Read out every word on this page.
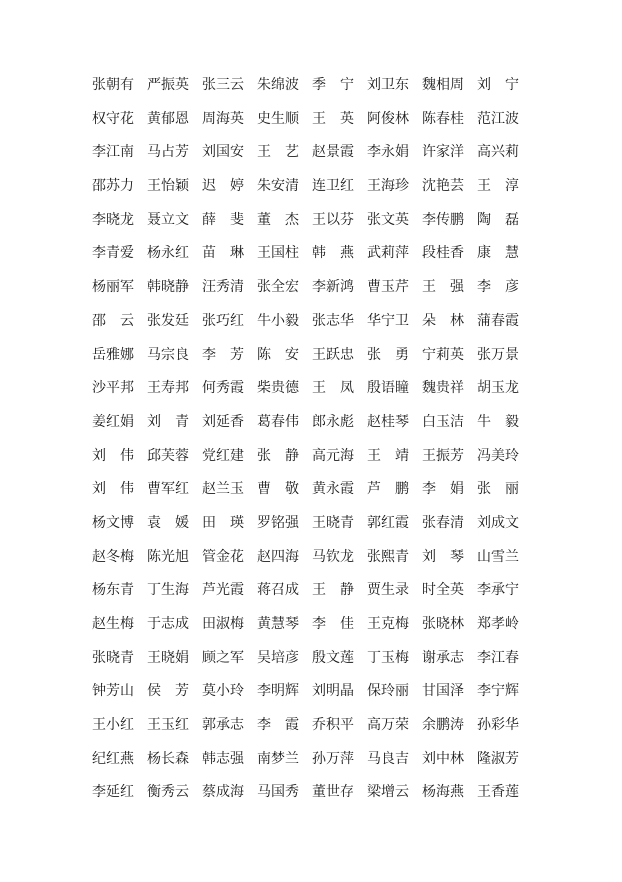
张朝有 严振英 张三云 朱绵波 季　宁 刘卫东 魏相周 刘　宁
权守花 黄郁恩 周海英 史生顺 王　英 阿俊林 陈春桂 范江波
李江南 马占芳 刘国安 王　艺 赵景霞 李永娟 许家洋 高兴莉
邵苏力 王怡颖 迟　婷 朱安清 连卫红 王海珍 沈艳芸 王　淳
李晓龙 聂立文 薛　斐 董　杰 王以芬 张文英 李传鹏 陶　磊
李青爱 杨永红 苗　琳 王国柱 韩　燕 武莉萍 段桂香 康　慧
杨丽军 韩晓静 汪秀清 张全宏 李新鸿 曹玉芹 王　强 李　彦
邵　云 张发廷 张巧红 牛小毅 张志华 华宁卫 朵　林 蒲春霞
岳雅娜 马宗良 李　芳 陈　安 王跃忠 张　勇 宁莉英 张万景
沙平邦 王寿邦 何秀霞 柴贵德 王　凤 殷语瞳 魏贵祥 胡玉龙
姜红娟 刘　青 刘延香 葛春伟 郎永彪 赵桂琴 白玉洁 牛　毅
刘　伟 邱芙蓉 党红建 张　静 高元海 王　靖 王振芳 冯美玲
刘　伟 曹军红 赵兰玉 曹　敬 黄永霞 芦　鹏 李　娟 张　丽
杨文博 袁　媛 田　瑛 罗铭强 王晓青 郭红霞 张春清 刘成文
赵冬梅 陈光旭 管金花 赵四海 马钦龙 张熙青 刘　琴 山雪兰
杨东青 丁生海 芦光霞 蒋召成 王　静 贾生录 时全英 李承宁
赵生梅 于志成 田淑梅 黄慧琴 李　佳 王克梅 张晓林 郑孝岭
张晓青 王晓娟 顾之军 吴培彦 殷文莲 丁玉梅 谢承志 李江春
钟芳山 侯　芳 莫小玲 李明辉 刘明晶 保玲丽 甘国泽 李宁辉
王小红 王玉红 郭承志 李　霞 乔积平 高万荣 余鹏涛 孙彩华
纪红燕 杨长森 韩志强 南梦兰 孙万萍 马良吉 刘中林 隆淑芳
李延红 衡秀云 蔡成海 马国秀 董世存 梁增云 杨海燕 王香莲
